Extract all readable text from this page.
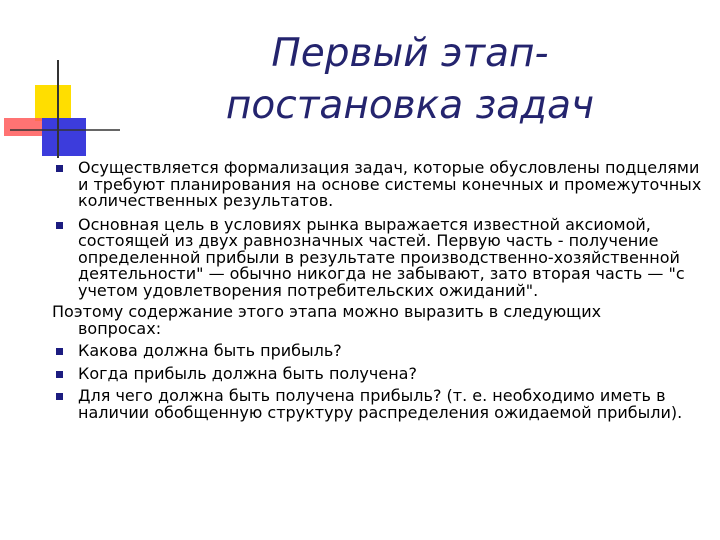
Первый этап-
постановка задач

Осуществляется формализация задач, которые обусловлены подцелями и требуют планирования на основе системы конечных и промежуточных количественных результатов.

Основная цель в условиях рынка выражается известной аксиомой, состоящей из двух равнозначных частей. Первую часть - получение определенной прибыли в результате производственно-хозяйственной деятельности" — обычно никогда не забывают, зато вторая часть — "с учетом удовлетворения потребительских ожиданий".

Поэтому содержание этого этапа можно выразить в следующих
вопросах:

Какова должна быть прибыль?

Когда прибыль должна быть получена?

Для чего должна быть получена прибыль? (т. е. необходимо иметь в наличии обобщенную структуру распределения ожидаемой прибыли).
